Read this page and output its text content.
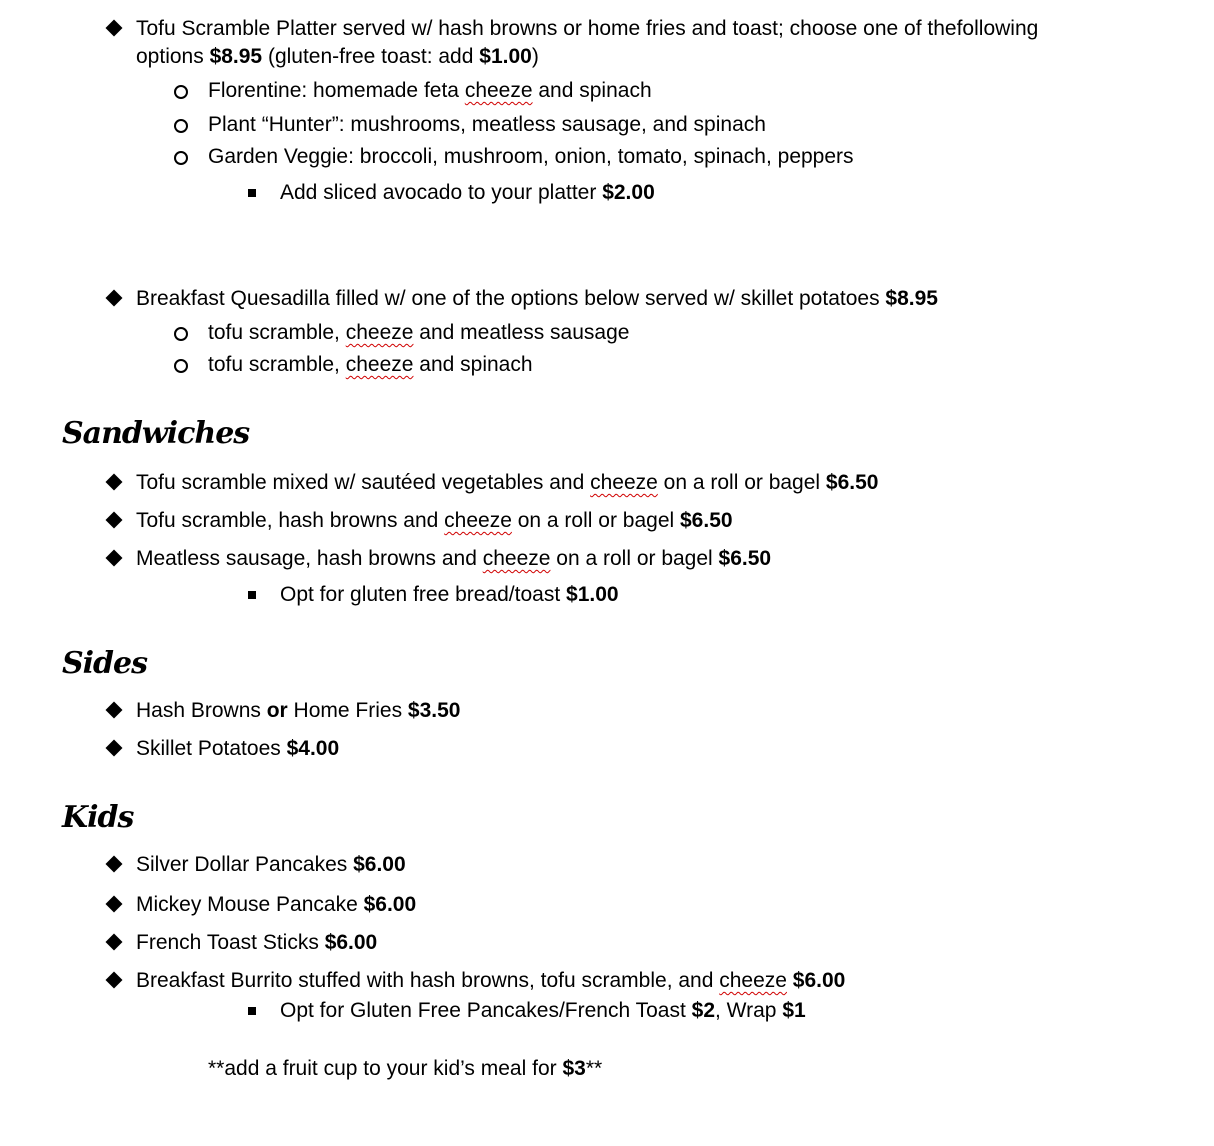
Tofu Scramble Platter served w/ hash browns or home fries and toast; choose one of thefollowing
options $8.95 (gluten-free toast: add $1.00)
Florentine: homemade feta cheeze and spinach
Plant “Hunter”: mushrooms, meatless sausage, and spinach
Garden Veggie: broccoli, mushroom, onion, tomato, spinach, peppers
Add sliced avocado to your platter $2.00
Breakfast Quesadilla filled w/ one of the options below served w/ skillet potatoes $8.95
tofu scramble, cheeze and meatless sausage
tofu scramble, cheeze and spinach
Sandwiches
Tofu scramble mixed w/ sautéed vegetables and cheeze on a roll or bagel $6.50
Tofu scramble, hash browns and cheeze on a roll or bagel $6.50
Meatless sausage, hash browns and cheeze on a roll or bagel $6.50
Opt for gluten free bread/toast $1.00
Sides
Hash Browns or Home Fries $3.50
Skillet Potatoes $4.00
Kids
Silver Dollar Pancakes $6.00
Mickey Mouse Pancake $6.00
French Toast Sticks $6.00
Breakfast Burrito stuffed with hash browns, tofu scramble, and cheeze $6.00
Opt for Gluten Free Pancakes/French Toast $2, Wrap $1
**add a fruit cup to your kid’s meal for $3**
